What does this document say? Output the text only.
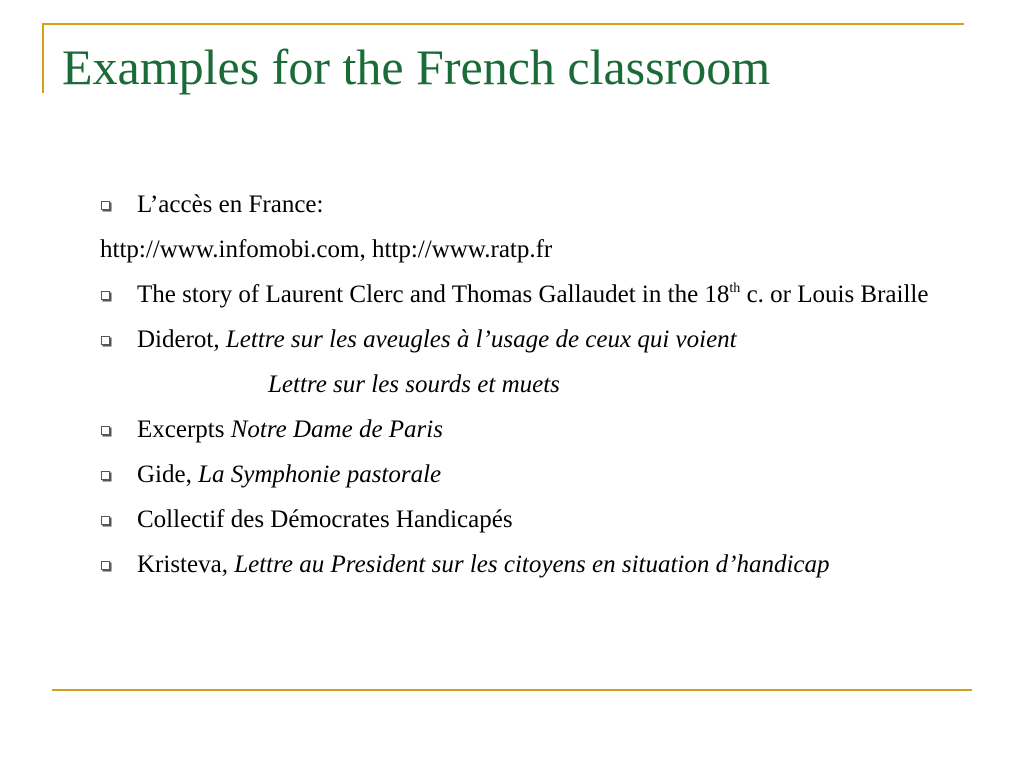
Examples for the French classroom
L’accès en France:
http://www.infomobi.com, http://www.ratp.fr
The story of Laurent Clerc and Thomas Gallaudet in the 18th c. or Louis Braille
Diderot, Lettre sur les aveugles à l’usage de ceux qui voient
Lettre sur les sourds et muets
Excerpts Notre Dame de Paris
Gide, La Symphonie pastorale
Collectif des Démocrates Handicapés
Kristeva, Lettre au President sur les citoyens en situation d’handicap
